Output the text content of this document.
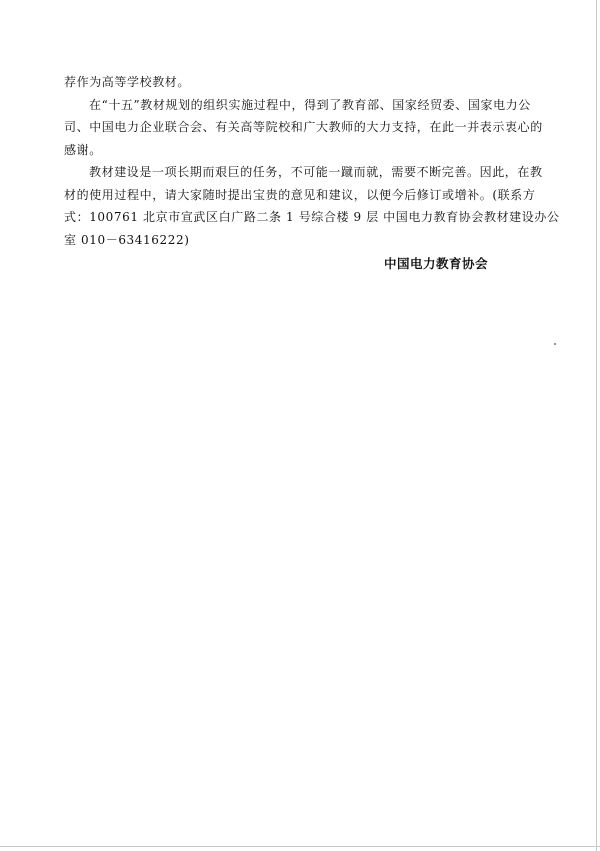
荐作为高等学校教材。
在“十五”教材规划的组织实施过程中，得到了教育部、国家经贸委、国家电力公
司、中国电力企业联合会、有关高等院校和广大教师的大力支持，在此一并表示衷心的
感谢。
教材建设是一项长期而艰巨的任务，不可能一蹴而就，需要不断完善。因此，在教
材的使用过程中，请大家随时提出宝贵的意见和建议，以便今后修订或增补。(联系方
式：100761 北京市宣武区白广路二条 1 号综合楼 9 层 中国电力教育协会教材建设办公
室 010－63416222)
中国电力教育协会
